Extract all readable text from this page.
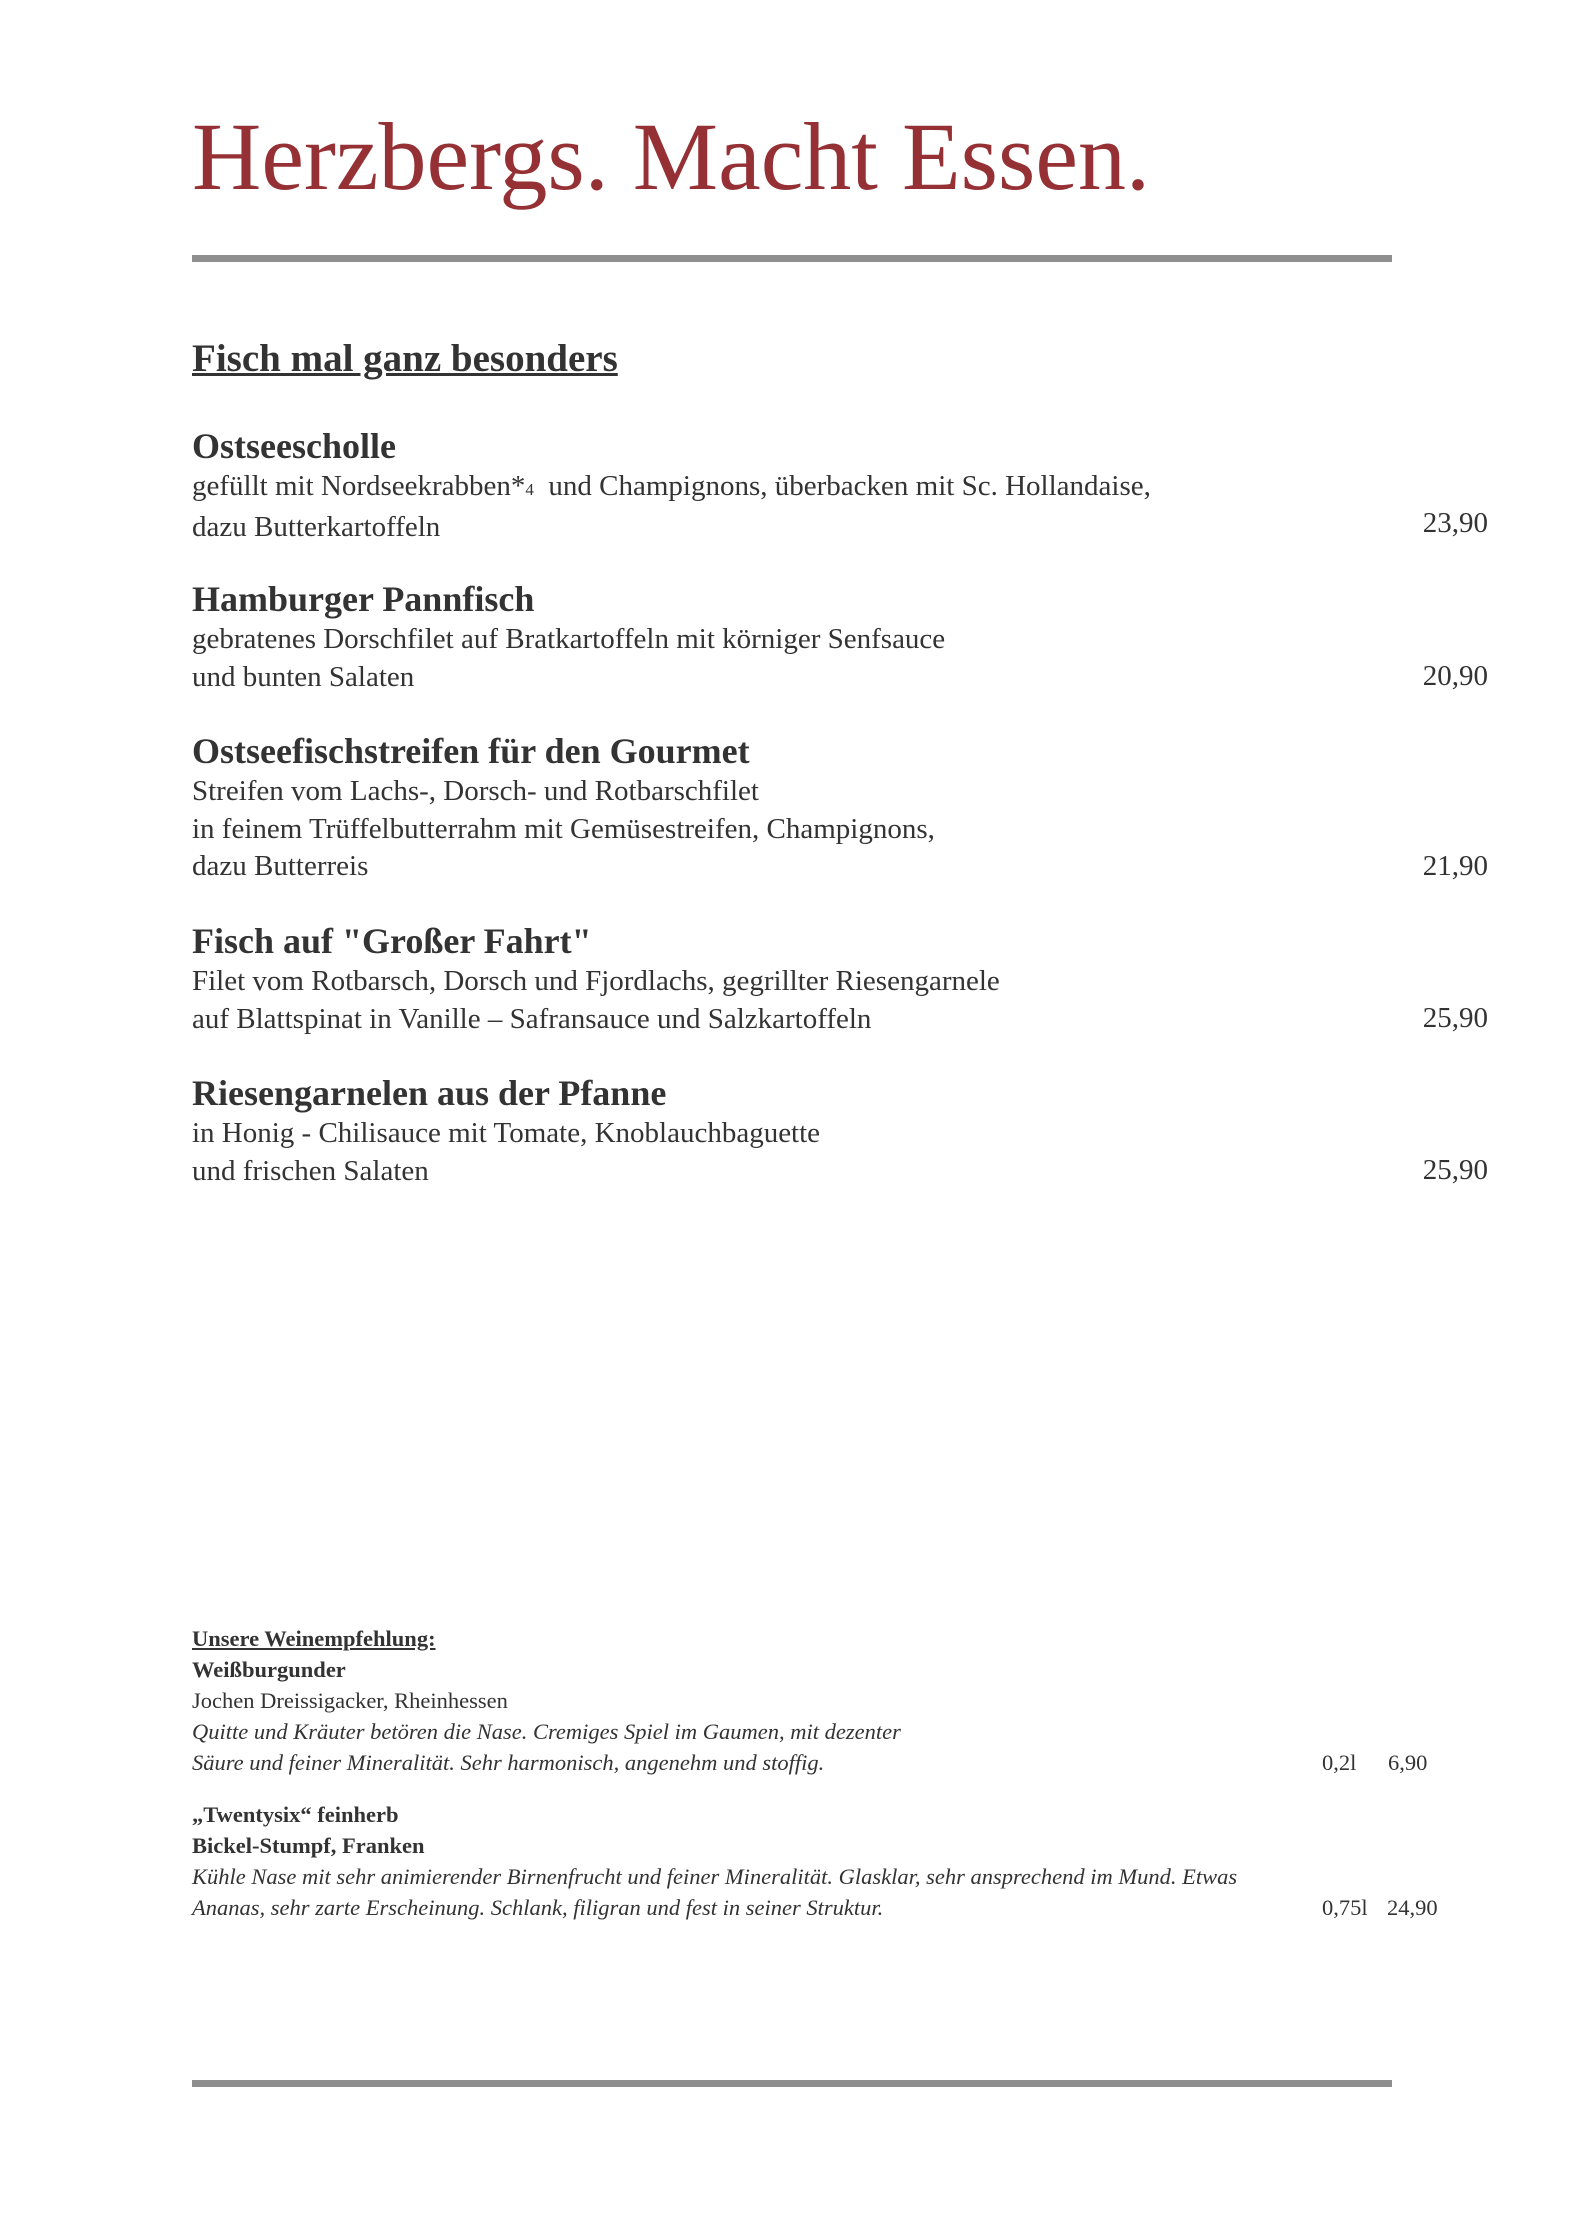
Herzbergs. Macht Essen.
Fisch mal ganz besonders
Ostseescholle
gefüllt mit Nordseekrabben*4  und Champignons, überbacken mit Sc. Hollandaise,
dazu Butterkartoffeln	23,90
Hamburger Pannfisch
gebratenes Dorschfilet auf Bratkartoffeln mit körniger Senfsauce
und bunten Salaten	20,90
Ostseefischstreifen für den Gourmet
Streifen vom Lachs-, Dorsch- und Rotbarschfilet
in feinem Trüffelbutterrahm mit Gemüsestreifen, Champignons,
dazu Butterreis	21,90
Fisch auf "Großer Fahrt"
Filet vom Rotbarsch, Dorsch und Fjordlachs, gegrillter Riesengarnele
auf Blattspinat in Vanille – Safransauce und Salzkartoffeln	25,90
Riesengarnelen aus der Pfanne
in Honig - Chilisauce mit Tomate, Knoblauchbaguette
und frischen Salaten	25,90
Unsere Weinempfehlung:
Weißburgunder
Jochen Dreissigacker, Rheinhessen
Quitte und Kräuter betören die Nase. Cremiges Spiel im Gaumen, mit dezenter
Säure und feiner Mineralität. Sehr harmonisch, angenehm und stoffig.	0,2l 6,90
„Twentysix“ feinherb
Bickel-Stumpf, Franken
Kühle Nase mit sehr animierender Birnenfrucht und feiner Mineralität. Glasklar, sehr ansprechend im Mund. Etwas
Ananas, sehr zarte Erscheinung. Schlank, filigran und fest in seiner Struktur.	0,75l 24,90
